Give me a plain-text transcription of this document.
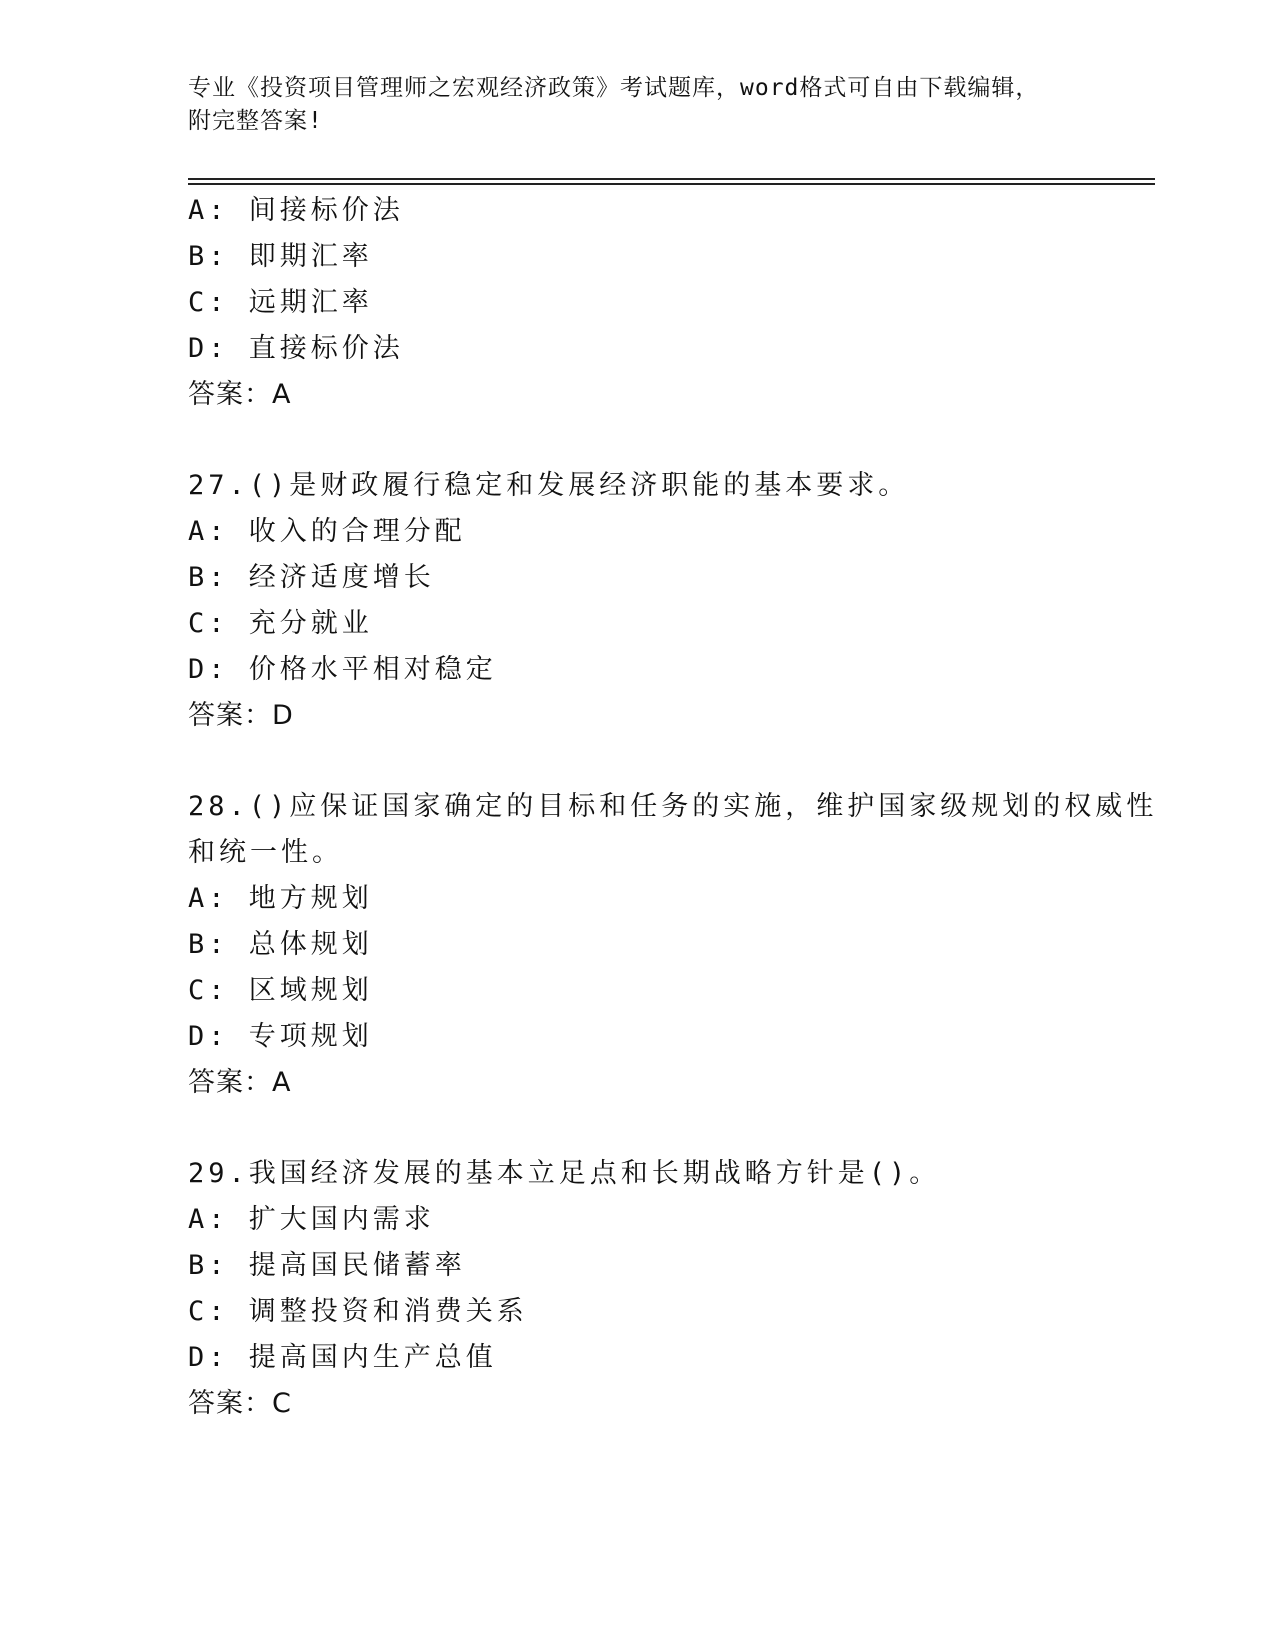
专业《投资项目管理师之宏观经济政策》考试题库，word格式可自由下载编辑，
附完整答案!
A: 间接标价法
B: 即期汇率
C: 远期汇率
D: 直接标价法
答案：A
27.()是财政履行稳定和发展经济职能的基本要求。
A: 收入的合理分配
B: 经济适度增长
C: 充分就业
D: 价格水平相对稳定
答案：D
28.()应保证国家确定的目标和任务的实施，维护国家级规划的权威性
和统一性。
A: 地方规划
B: 总体规划
C: 区域规划
D: 专项规划
答案：A
29.我国经济发展的基本立足点和长期战略方针是()。
A: 扩大国内需求
B: 提高国民储蓄率
C: 调整投资和消费关系
D: 提高国内生产总值
答案：C
